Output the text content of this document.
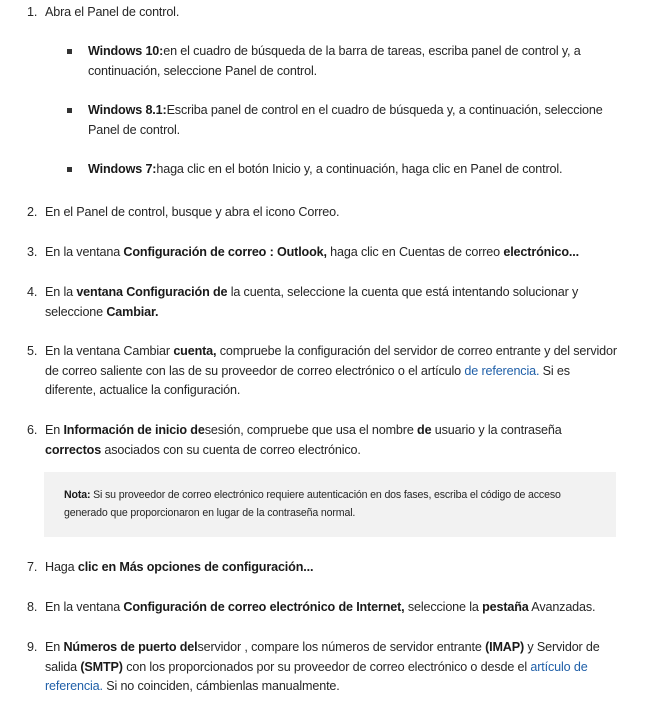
1. Abra el Panel de control.
Windows 10:en el cuadro de búsqueda de la barra de tareas, escriba panel de control y, a continuación, seleccione Panel de control.
Windows 8.1:Escriba panel de control en el cuadro de búsqueda y, a continuación, seleccione Panel de control.
Windows 7:haga clic en el botón Inicio y, a continuación, haga clic en Panel de control.
2. En el Panel de control, busque y abra el icono Correo.
3. En la ventana Configuración de correo : Outlook, haga clic en Cuentas de correo electrónico...
4. En la ventana Configuración de la cuenta, seleccione la cuenta que está intentando solucionar y seleccione Cambiar.
5. En la ventana Cambiar cuenta, compruebe la configuración del servidor de correo entrante y del servidor de correo saliente con las de su proveedor de correo electrónico o el artículo de referencia. Si es diferente, actualice la configuración.
6. En Información de inicio desesión, compruebe que usa el nombre de usuario y la contraseña correctos asociados con su cuenta de correo electrónico.
Nota: Si su proveedor de correo electrónico requiere autenticación en dos fases, escriba el código de acceso generado que proporcionaron en lugar de la contraseña normal.
7. Haga clic en Más opciones de configuración...
8. En la ventana Configuración de correo electrónico de Internet, seleccione la pestaña Avanzadas.
9. En Números de puerto delservidor , compare los números de servidor entrante (IMAP) y Servidor de salida (SMTP) con los proporcionados por su proveedor de correo electrónico o desde el artículo de referencia. Si no coinciden, cámbienlas manualmente.
